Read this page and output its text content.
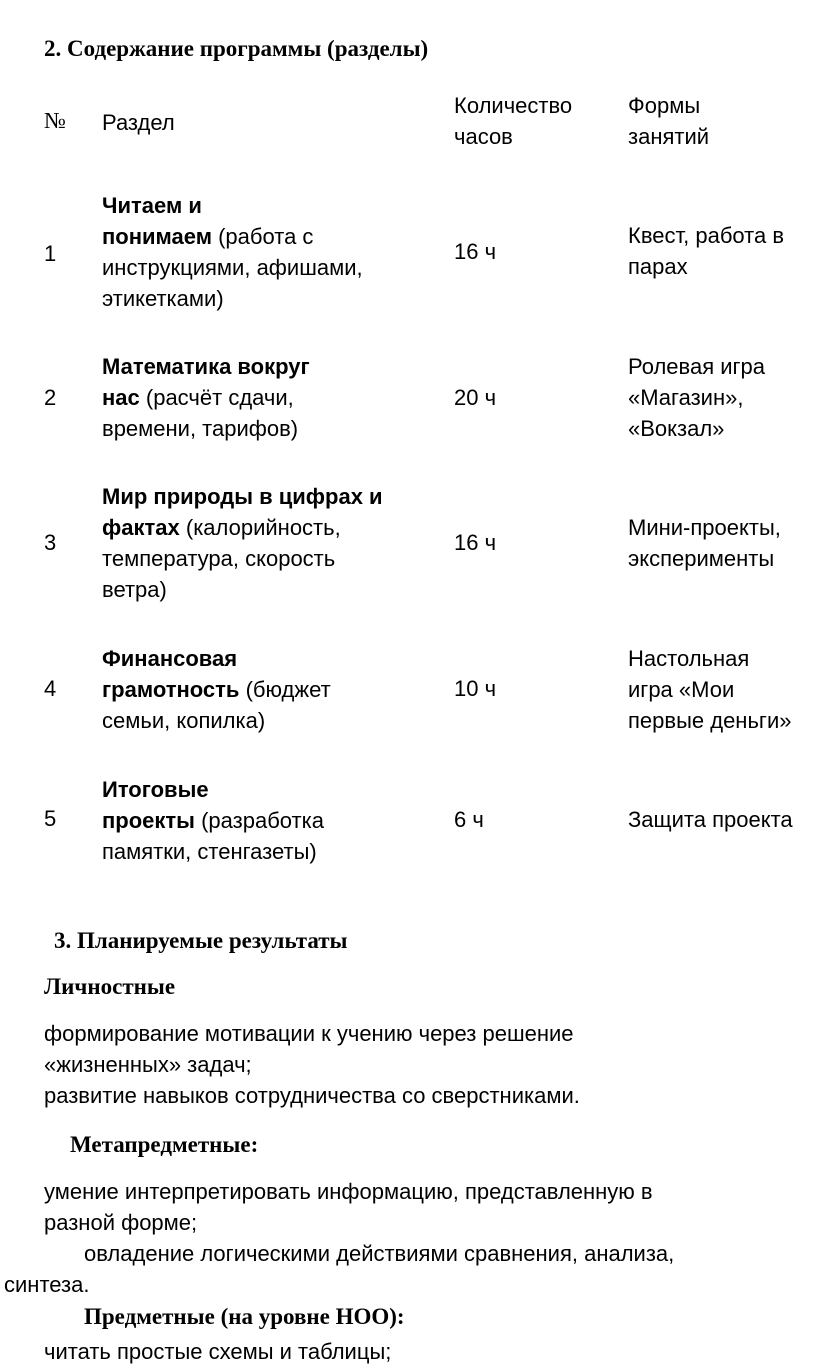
2. Содержание программы (разделы)
№ Раздел
Количество
часов
Формы
занятий
1
Читаем и
понимаем (работа с
инструкциями, афишами,
этикетками)
16 ч
Квест, работа в
парах
2
Математика вокруг
нас (расчёт сдачи,
времени, тарифов)
20 ч
Ролевая игра
«Магазин»,
«Вокзал»
3
Мир природы в цифрах и
фактах (калорийность,
температура, скорость
ветра)
16 ч
Мини-проекты,
эксперименты
4
Финансовая
грамотность (бюджет
семьи, копилка)
10 ч
Настольная
игра «Мои
первые деньги»
5
Итоговые
проекты (разработка
памятки, стенгазеты)
6 ч	Защита проекта
3. Планируемые результаты
Личностные
формирование мотивации к учению через решение
«жизненных» задач;
развитие навыков сотрудничества со сверстниками.
Метапредметные:
умение интерпретировать информацию, представленную в
разной форме;
овладение логическими действиями сравнения, анализа,
синтеза.
Предметные (на уровне НОО):
читать простые схемы и таблицы;
